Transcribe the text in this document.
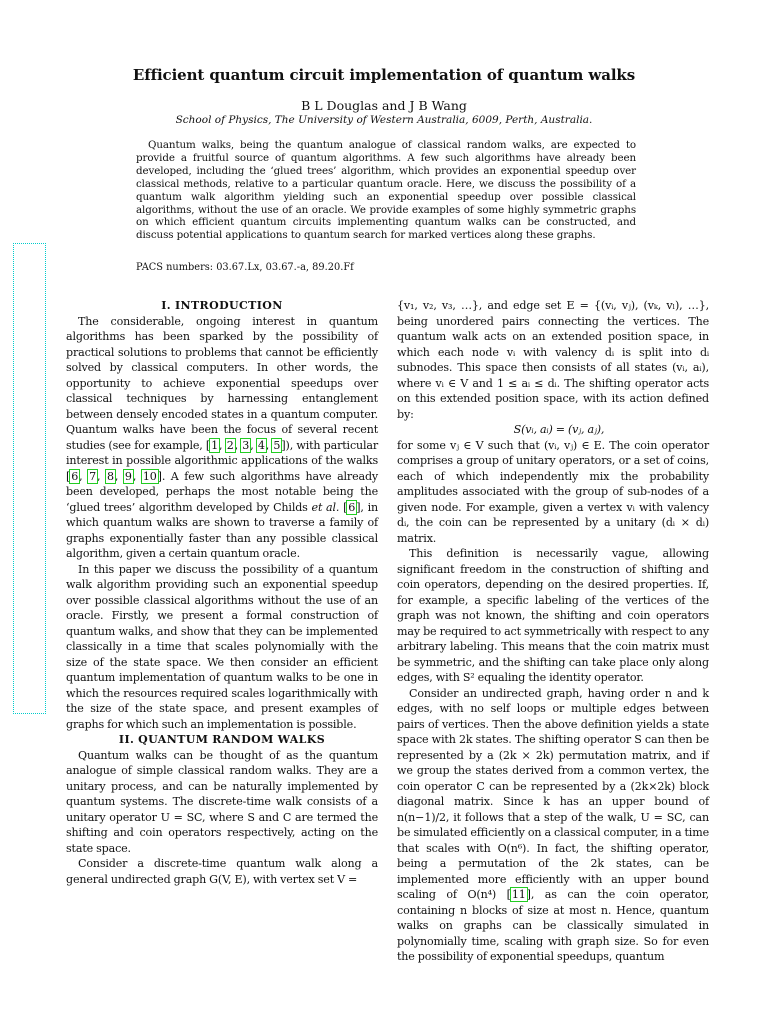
Efficient quantum circuit implementation of quantum walks
B L Douglas and J B Wang
School of Physics, The University of Western Australia, 6009, Perth, Australia.
Quantum walks, being the quantum analogue of classical random walks, are expected to provide a fruitful source of quantum algorithms. A few such algorithms have already been developed, including the ‘glued trees’ algorithm, which provides an exponential speedup over classical methods, relative to a particular quantum oracle. Here, we discuss the possibility of a quantum walk algorithm yielding such an exponential speedup over possible classical algorithms, without the use of an oracle. We provide examples of some highly symmetric graphs on which efficient quantum circuits implementing quantum walks can be constructed, and discuss potential applications to quantum search for marked vertices along these graphs.
PACS numbers: 03.67.Lx, 03.67.-a, 89.20.Ff

I. INTRODUCTION

The considerable, ongoing interest in quantum algorithms has been sparked by the possibility of practical solutions to problems that cannot be efficiently solved by classical computers. In other words, the opportunity to achieve exponential speedups over classical techniques by harnessing entanglement between densely encoded states in a quantum computer. Quantum walks have been the focus of several recent studies (see for example, [1, 2, 3, 4, 5]), with particular interest in possible algorithmic applications of the walks [6, 7, 8, 9, 10]. A few such algorithms have already been developed, perhaps the most notable being the ‘glued trees’ algorithm developed by Childs et al. [6], in which quantum walks are shown to traverse a family of graphs exponentially faster than any possible classical algorithm, given a certain quantum oracle.

In this paper we discuss the possibility of a quantum walk algorithm providing such an exponential speedup over possible classical algorithms without the use of an oracle. Firstly, we present a formal construction of quantum walks, and show that they can be implemented classically in a time that scales polynomially with the size of the state space. We then consider an efficient quantum implementation of quantum walks to be one in which the resources required scales logarithmically with the size of the state space, and present examples of graphs for which such an implementation is possible.

II. QUANTUM RANDOM WALKS

Quantum walks can be thought of as the quantum analogue of simple classical random walks. They are a unitary process, and can be naturally implemented by quantum systems. The discrete-time walk consists of a unitary operator U = SC, where S and C are termed the shifting and coin operators respectively, acting on the state space.

Consider a discrete-time quantum walk along a general undirected graph G(V, E), with vertex set V =

{v₁, v₂, v₃, …}, and edge set E = {(vᵢ, vⱼ), (vₖ, vₗ), …}, being unordered pairs connecting the vertices. The quantum walk acts on an extended position space, in which each node vᵢ with valency dᵢ is split into dᵢ subnodes. This space then consists of all states (vᵢ, aᵢ), where vᵢ ∈ V and 1 ≤ aᵢ ≤ dᵢ. The shifting operator acts on this extended position space, with its action defined by:

S(vᵢ, aᵢ) = (vⱼ, aⱼ),

for some vⱼ ∈ V such that (vᵢ, vⱼ) ∈ E. The coin operator comprises a group of unitary operators, or a set of coins, each of which independently mix the probability amplitudes associated with the group of sub-nodes of a given node. For example, given a vertex vᵢ with valency dᵢ, the coin can be represented by a unitary (dᵢ × dᵢ) matrix.

This definition is necessarily vague, allowing significant freedom in the construction of shifting and coin operators, depending on the desired properties. If, for example, a specific labeling of the vertices of the graph was not known, the shifting and coin operators may be required to act symmetrically with respect to any arbitrary labeling. This means that the coin matrix must be symmetric, and the shifting can take place only along edges, with S² equaling the identity operator.

Consider an undirected graph, having order n and k edges, with no self loops or multiple edges between pairs of vertices. Then the above definition yields a state space with 2k states. The shifting operator S can then be represented by a (2k × 2k) permutation matrix, and if we group the states derived from a common vertex, the coin operator C can be represented by a (2k×2k) block diagonal matrix. Since k has an upper bound of n(n−1)/2, it follows that a step of the walk, U = SC, can be simulated efficiently on a classical computer, in a time that scales with O(n⁶). In fact, the shifting operator, being a permutation of the 2k states, can be implemented more efficiently with an upper bound scaling of O(n⁴) [11], as can the coin operator, containing n blocks of size at most n. Hence, quantum walks on graphs can be classically simulated in polynomially time, scaling with graph size. So for even the possibility of exponential speedups, quantum
